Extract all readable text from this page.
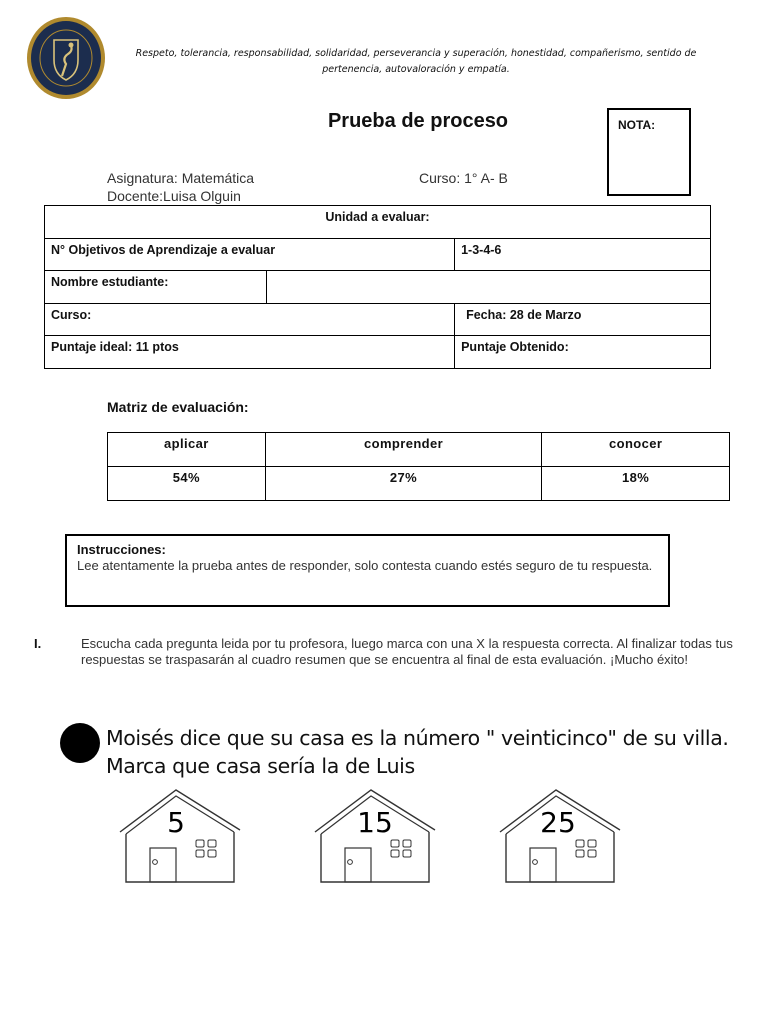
Respeto, tolerancia, responsabilidad, solidaridad, perseverancia y superación, honestidad, compañerismo, sentido de pertenencia, autovaloración y empatía.
Prueba de proceso	NOTA:
Asignatura: Matemática
Docente:Luisa Olguin
Curso: 1° A- B
Unidad a evaluar:		
N° Objetivos de Aprendizaje a evaluar		1-3-4-6
Nombre estudiante:		
Curso:		Fecha: 28 de Marzo
Puntaje ideal: 11 ptos		Puntaje Obtenido:
Matriz de evaluación:
aplicar	comprender	conocer
54%	27%	18%
Instrucciones:
Lee atentamente la prueba antes de responder, solo contesta cuando estés seguro de tu respuesta.
I.	Escucha cada pregunta leida por tu profesora, luego marca con una X la respuesta correcta. Al finalizar todas tus respuestas se traspasarán al cuadro resumen que se encuentra al final de esta evaluación. ¡Mucho éxito!
Moisés dice que su casa es la número " veinticinco" de su villa.
Marca que casa sería la de Luis
5	15	25
